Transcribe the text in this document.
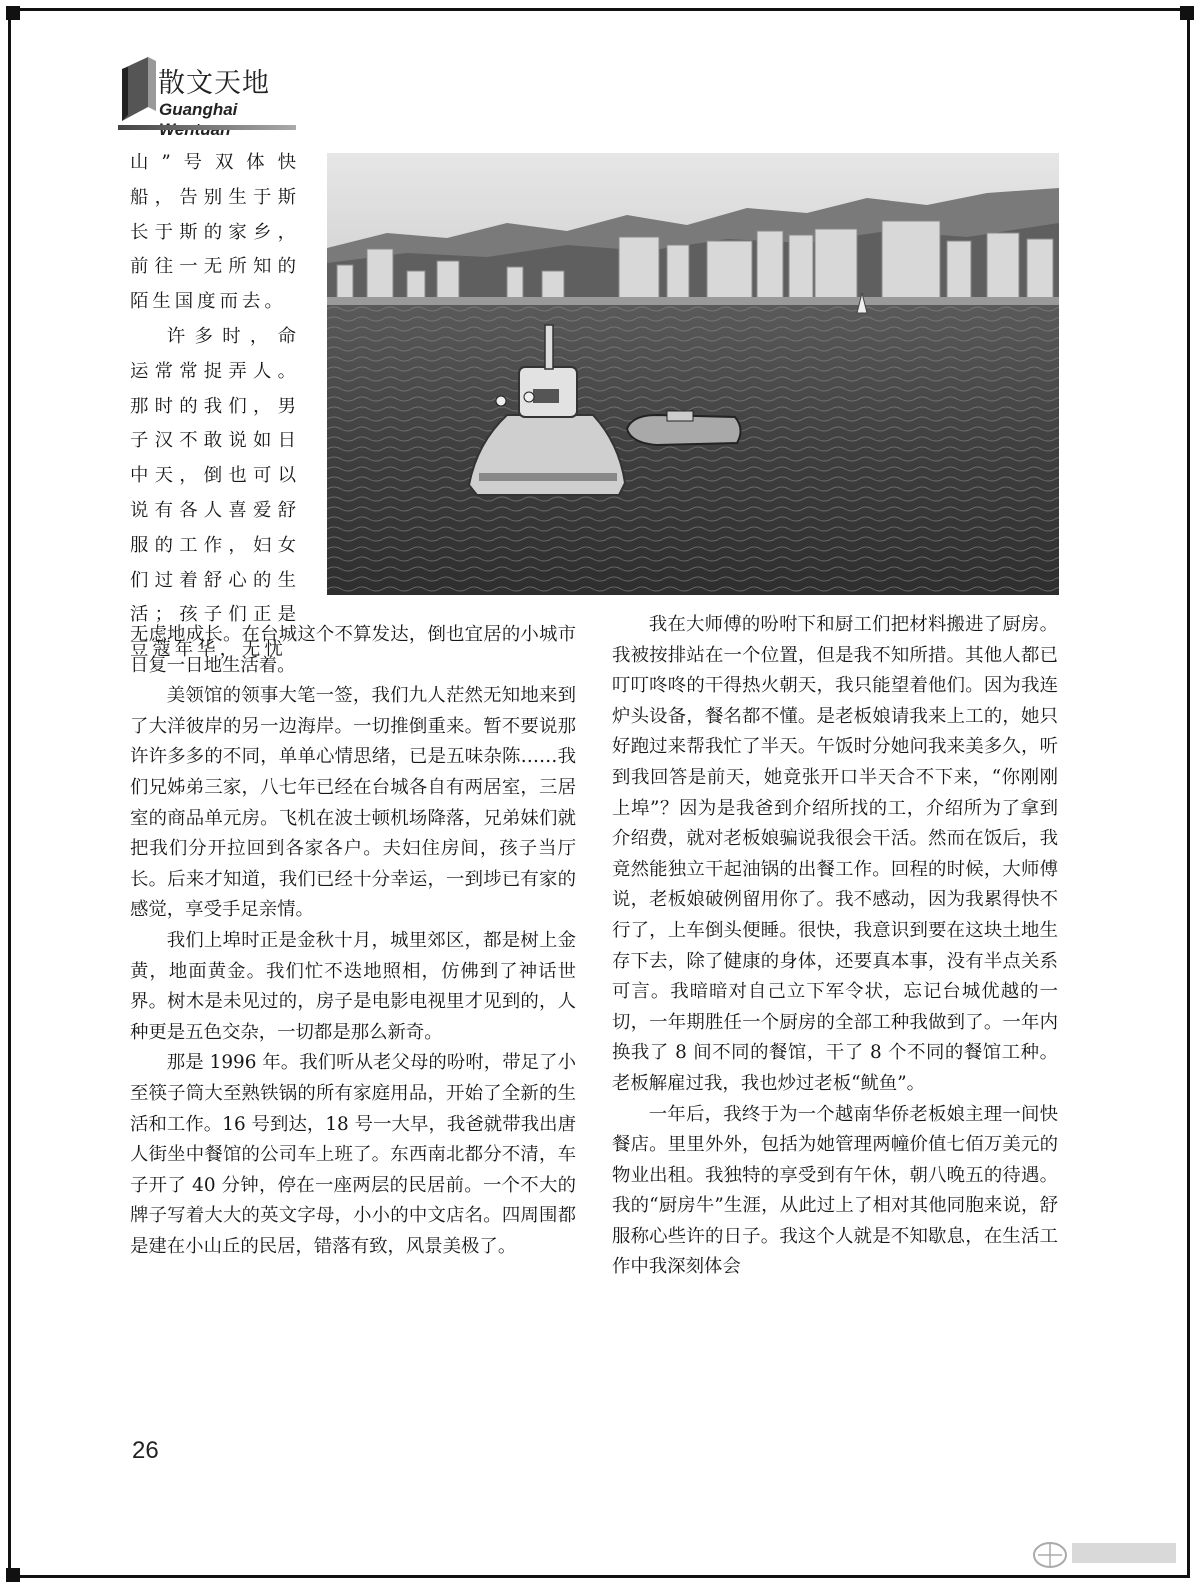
散文天地
Guanghai

山”号双体快船，告别生于斯长于斯的家乡，前往一无所知的陌生国度而去。

许多时，命运常常捉弄人。那时的我们，男子汉不敢说如日中天，倒也可以说有各人喜爱舒服的工作，妇女们过着舒心的生活；孩子们正是豆蔻年华，无忧

无虑地成长。在台城这个不算发达，倒也宜居的小城市日复一日地生活着。

美领馆的领事大笔一签，我们九人茫然无知地来到了大洋彼岸的另一边海岸。一切推倒重来。暂不要说那许许多多的不同，单单心情思绪，已是五味杂陈……我们兄姊弟三家，八七年已经在台城各自有两居室，三居室的商品单元房。飞机在波士顿机场降落，兄弟妹们就把我们分开拉回到各家各户。夫妇住房间，孩子当厅长。后来才知道，我们已经十分幸运，一到埗已有家的感觉，享受手足亲情。

我们上埠时正是金秋十月，城里郊区，都是树上金黄，地面黄金。我们忙不迭地照相，仿佛到了神话世界。树木是未见过的，房子是电影电视里才见到的，人种更是五色交杂，一切都是那么新奇。

那是 1996 年。我们听从老父母的吩咐，带足了小至筷子筒大至熟铁锅的所有家庭用品，开始了全新的生活和工作。16 号到达，18 号一大早，我爸就带我出唐人街坐中餐馆的公司车上班了。东西南北都分不清，车子开了 40 分钟，停在一座两层的民居前。一个不大的牌子写着大大的英文字母，小小的中文店名。四周围都是建在小山丘的民居，错落有致，风景美极了。

我在大师傅的吩咐下和厨工们把材料搬进了厨房。我被按排站在一个位置，但是我不知所措。其他人都已叮叮咚咚的干得热火朝天，我只能望着他们。因为我连炉头设备，餐名都不懂。是老板娘请我来上工的，她只好跑过来帮我忙了半天。午饭时分她问我来美多久，听到我回答是前天，她竟张开口半天合不下来，“你刚刚上埠”？因为是我爸到介绍所找的工，介绍所为了拿到介绍费，就对老板娘骗说我很会干活。然而在饭后，我竟然能独立干起油锅的出餐工作。回程的时候，大师傅说，老板娘破例留用你了。我不感动，因为我累得快不行了，上车倒头便睡。很快，我意识到要在这块土地生存下去，除了健康的身体，还要真本事，没有半点关系可言。我暗暗对自己立下军令状，忘记台城优越的一切，一年期胜任一个厨房的全部工种我做到了。一年内换我了 8 间不同的餐馆，干了 8 个不同的餐馆工种。老板解雇过我，我也炒过老板“鱿鱼”。

一年后，我终于为一个越南华侨老板娘主理一间快餐店。里里外外，包括为她管理两幢价值七佰万美元的物业出租。我独特的享受到有午休，朝八晚五的待遇。我的“厨房牛”生涯，从此过上了相对其他同胞来说，舒服称心些许的日子。我这个人就是不知歇息，在生活工作中我深刻体会

26
